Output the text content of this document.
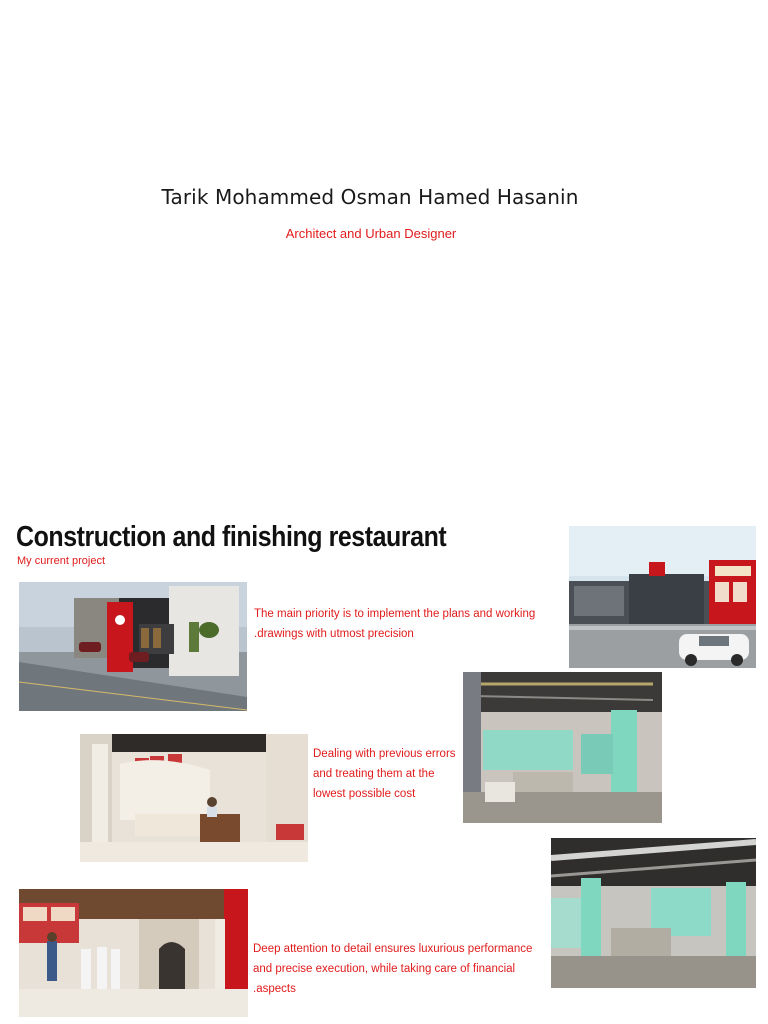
Tarik Mohammed Osman Hamed Hasanin
Architect and Urban Designer
Construction and finishing restaurant
My current project
The main priority is to implement the plans and working
.drawings with utmost precision
Dealing with previous errors
and treating them at the
lowest possible cost
Deep attention to detail ensures luxurious performance
and precise execution, while taking care of financial
.aspects
